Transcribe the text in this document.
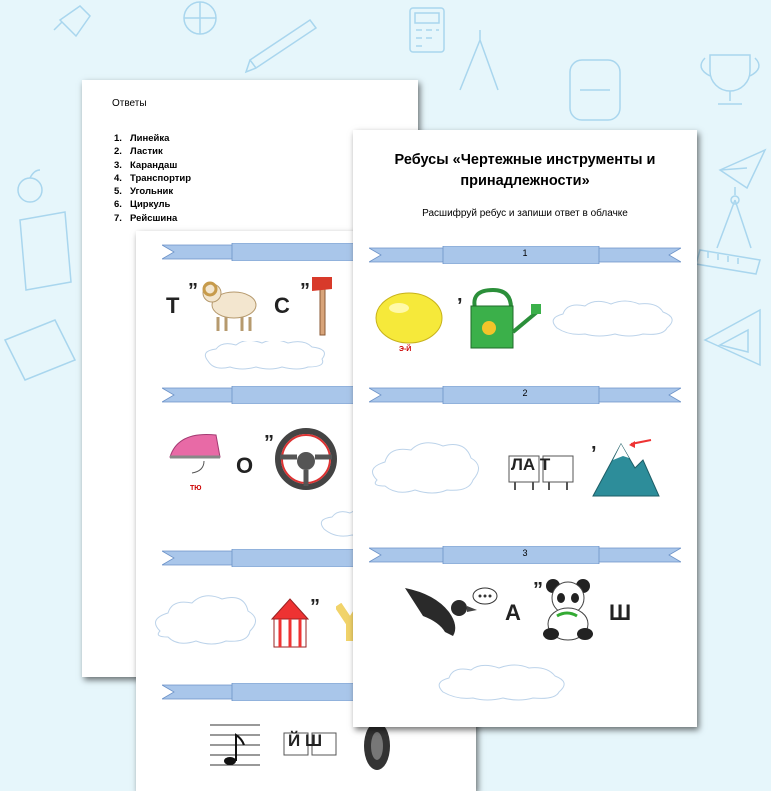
Ответы
1. Линейка
2. Ластик
3. Карандаш
4. Транспортир
5. Угольник
6. Циркуль
7. Рейсшина
Т
”
С
”
ТЮ
О
”
”
Й Ш
Ребусы «Чертежные инструменты и
принадлежности»
Расшифруй ребус и запиши ответ в облачке
1
Э-Й
’
2
ЛА Т ’
3
А
”
Ш
